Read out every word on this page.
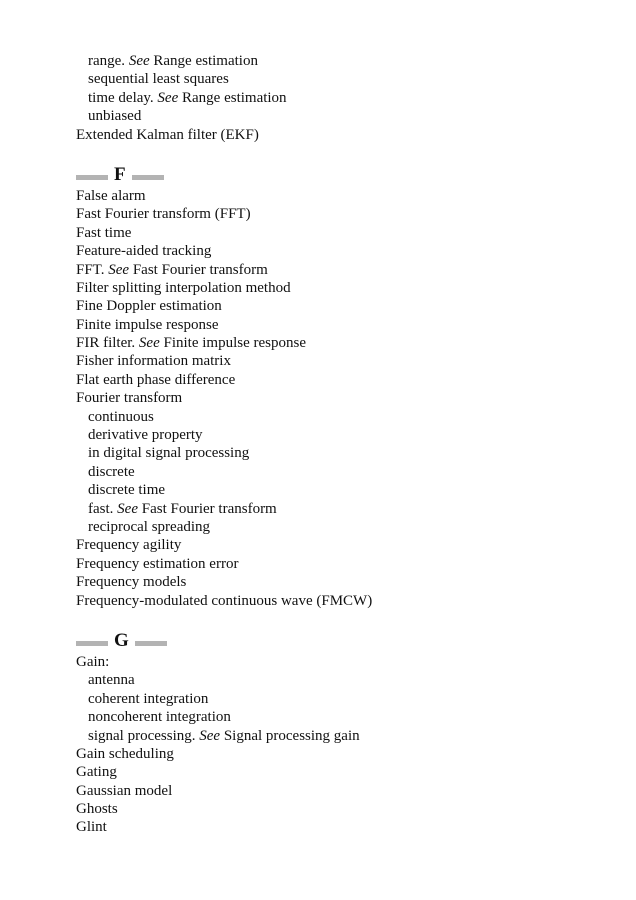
range. See Range estimation
sequential least squares
time delay. See Range estimation
unbiased
Extended Kalman filter (EKF)
F
False alarm
Fast Fourier transform (FFT)
Fast time
Feature-aided tracking
FFT. See Fast Fourier transform
Filter splitting interpolation method
Fine Doppler estimation
Finite impulse response
FIR filter. See Finite impulse response
Fisher information matrix
Flat earth phase difference
Fourier transform
continuous
derivative property
in digital signal processing
discrete
discrete time
fast. See Fast Fourier transform
reciprocal spreading
Frequency agility
Frequency estimation error
Frequency models
Frequency-modulated continuous wave (FMCW)
G
Gain:
antenna
coherent integration
noncoherent integration
signal processing. See Signal processing gain
Gain scheduling
Gating
Gaussian model
Ghosts
Glint
